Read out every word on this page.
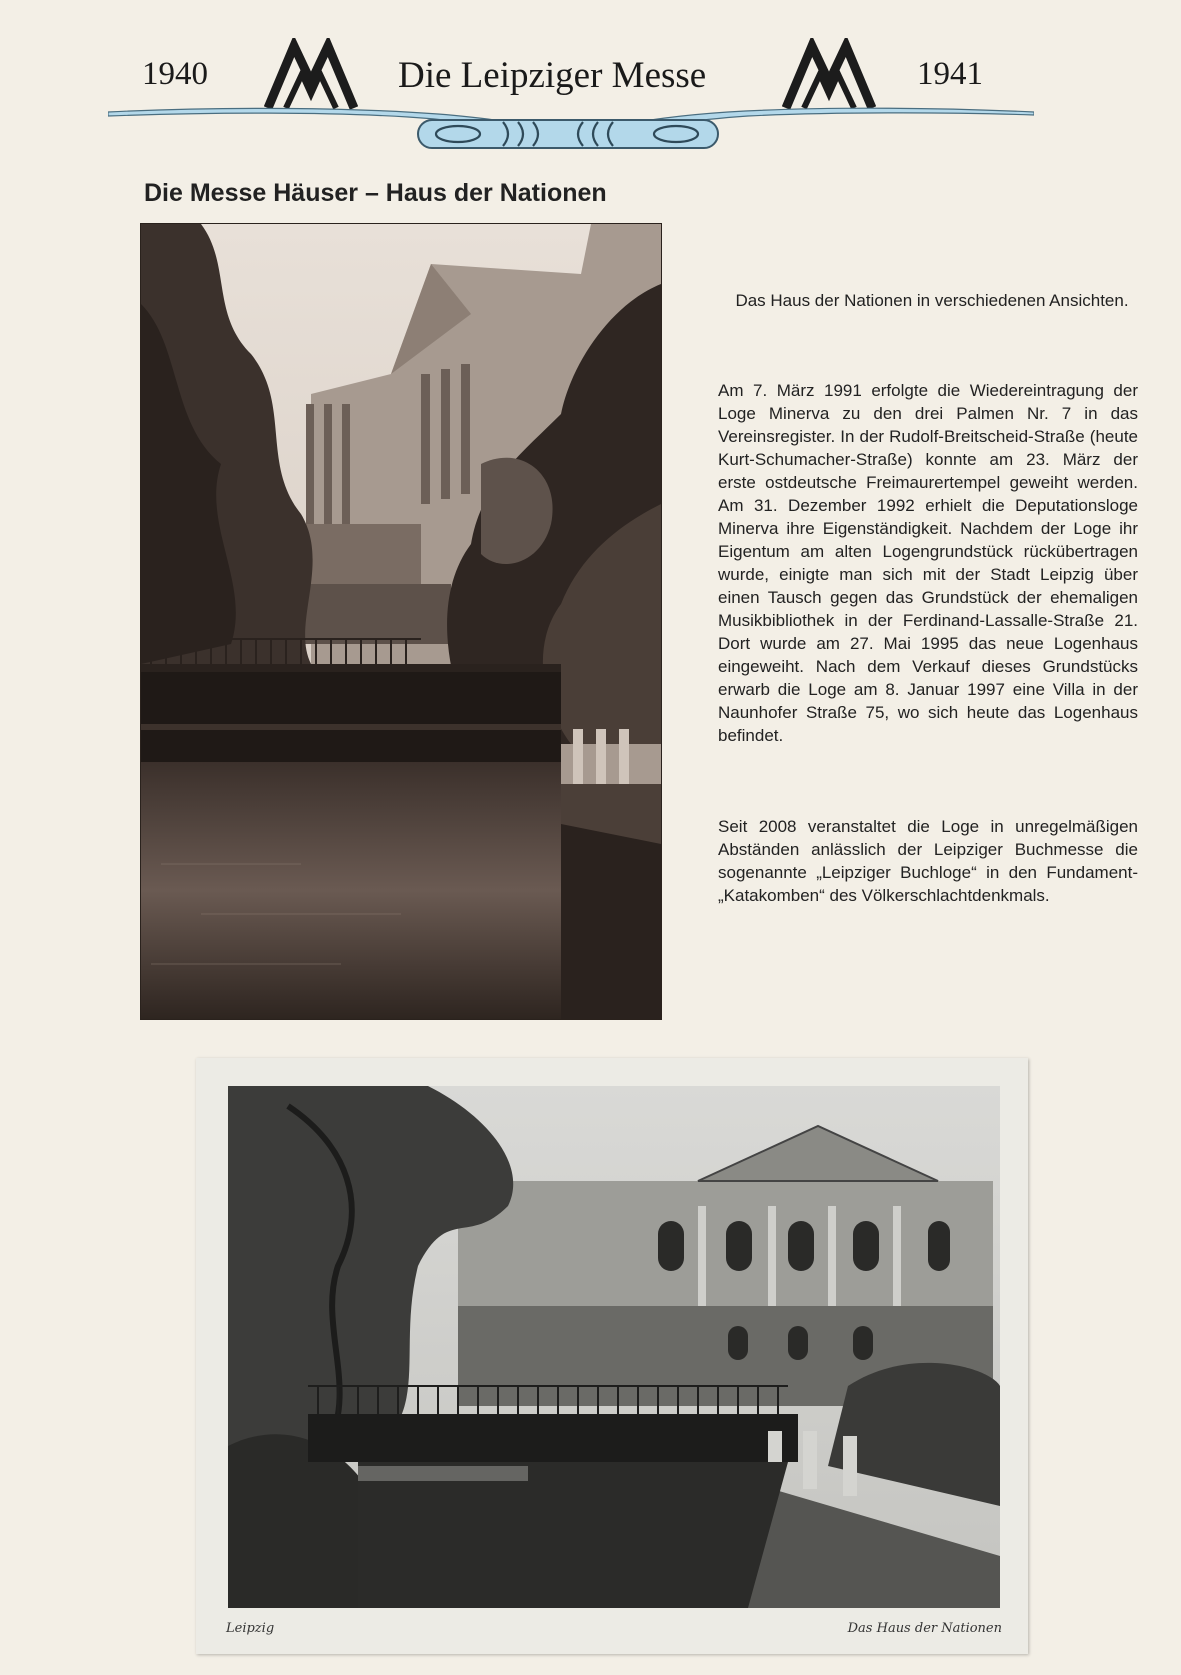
1940	Die Leipziger Messe	1941
Die Messe Häuser – Haus der Nationen
Das Haus der Nationen in verschiedenen Ansichten.

Am 7. März 1991 erfolgte die Wiedereintragung der Loge Minerva zu den drei Palmen Nr. 7 in das Vereinsregister. In der Rudolf-Breitscheid-Straße (heute Kurt-Schumacher-Straße) konnte am 23. März der erste ostdeutsche Freimaurertempel geweiht werden. Am 31. Dezember 1992 erhielt die Deputationsloge Minerva ihre Eigenständigkeit. Nachdem der Loge ihr Eigentum am alten Logengrundstück rückübertragen wurde, einigte man sich mit der Stadt Leipzig über einen Tausch gegen das Grundstück der ehemaligen Musikbibliothek in der Ferdinand-Lassalle-Straße 21. Dort wurde am 27. Mai 1995 das neue Logenhaus eingeweiht. Nach dem Verkauf dieses Grundstücks erwarb die Loge am 8. Januar 1997 eine Villa in der Naunhofer Straße 75, wo sich heute das Logenhaus befindet.

Seit 2008 veranstaltet die Loge in unregelmäßigen Abständen anlässlich der Leipziger Buchmesse die sogenannte „Leipziger Buchloge“ in den Fundament-„Katakomben“ des Völkerschlachtdenkmals.

Leipzig	Das Haus der Nationen
